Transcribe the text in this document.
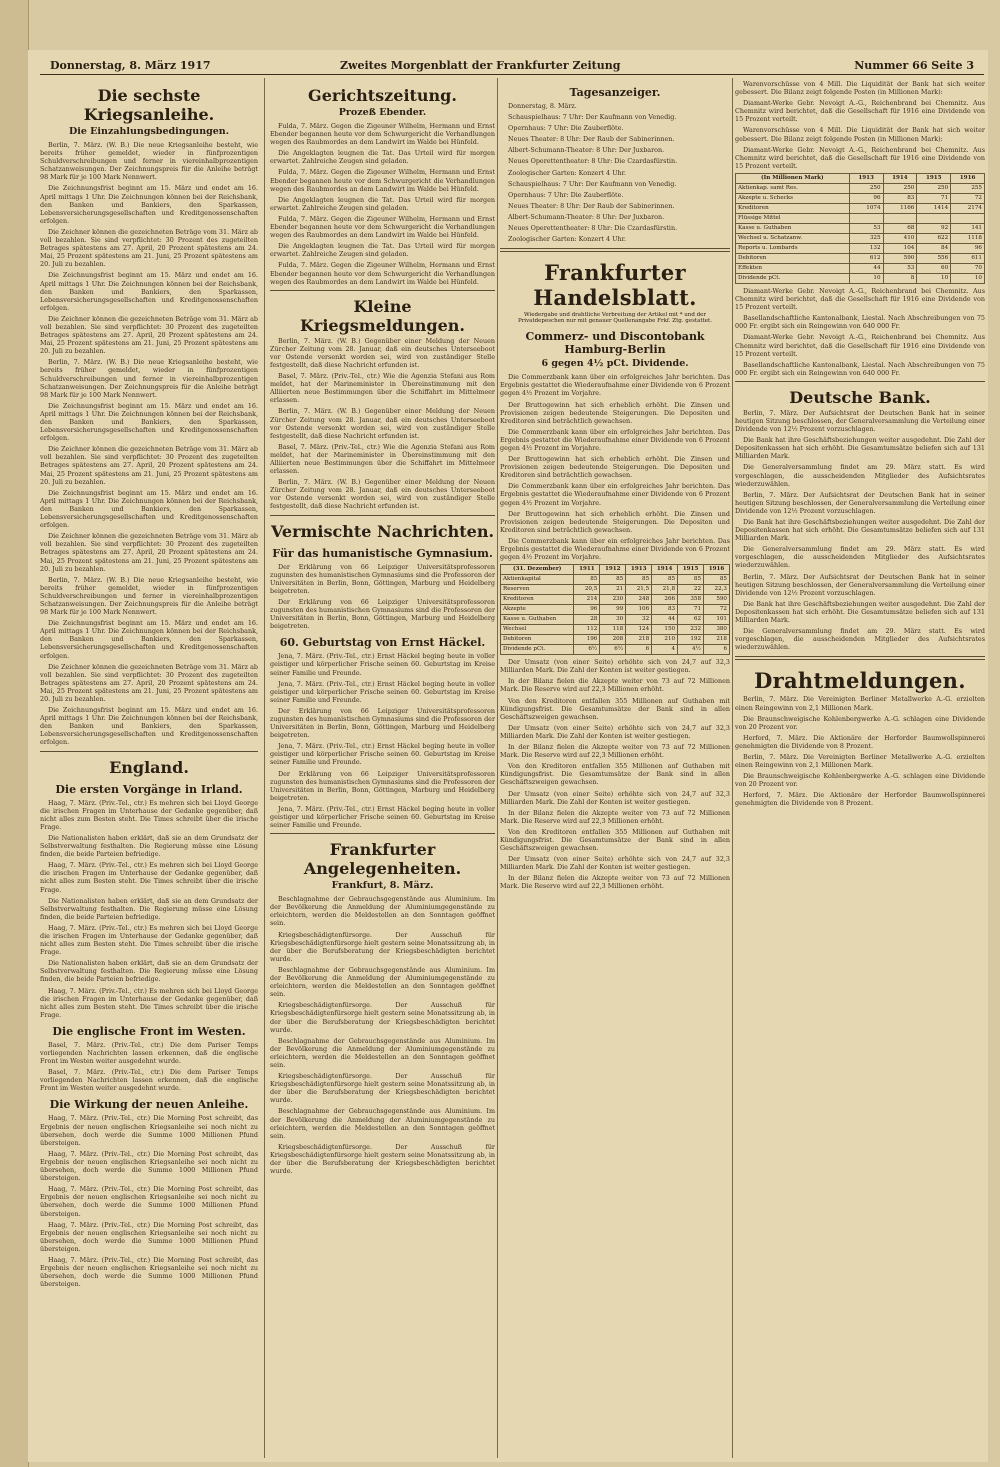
Donnerstag, 8. März 1917	Zweites Morgenblatt der Frankfurter Zeitung	Nummer 66 Seite 3
Die sechste Kriegsanleihe.
Die Einzahlungsbedingungen.

Berlin, 7. März. (W. B.) Die neue Kriegsanleihe besteht, wie bereits früher gemeldet, wieder in fünfprozentigen Schuldverschreibungen und ferner in viereinhalbprozentigen Schatzanweisungen. Der Zeichnungspreis für die Anleihe beträgt 98 Mark für je 100 Mark Nennwert.

Die Zeichnungsfrist beginnt am 15. März und endet am 16. April mittags 1 Uhr. Die Zeichnungen können bei der Reichsbank, den Banken und Bankiers, den Sparkassen, Lebensversicherungsgesellschaften und Kreditgenossenschaften erfolgen.

Die Zeichner können die gezeichneten Beträge vom 31. März ab voll bezahlen. Sie sind verpflichtet: 30 Prozent des zugeteilten Betrages spätestens am 27. April, 20 Prozent spätestens am 24. Mai, 25 Prozent spätestens am 21. Juni, 25 Prozent spätestens am 20. Juli zu bezahlen.

Die Zeichnungsfrist beginnt am 15. März und endet am 16. April mittags 1 Uhr. Die Zeichnungen können bei der Reichsbank, den Banken und Bankiers, den Sparkassen, Lebensversicherungsgesellschaften und Kreditgenossenschaften erfolgen.

Die Zeichner können die gezeichneten Beträge vom 31. März ab voll bezahlen. Sie sind verpflichtet: 30 Prozent des zugeteilten Betrages spätestens am 27. April, 20 Prozent spätestens am 24. Mai, 25 Prozent spätestens am 21. Juni, 25 Prozent spätestens am 20. Juli zu bezahlen.

Berlin, 7. März. (W. B.) Die neue Kriegsanleihe besteht, wie bereits früher gemeldet, wieder in fünfprozentigen Schuldverschreibungen und ferner in viereinhalbprozentigen Schatzanweisungen. Der Zeichnungspreis für die Anleihe beträgt 98 Mark für je 100 Mark Nennwert.

Die Zeichnungsfrist beginnt am 15. März und endet am 16. April mittags 1 Uhr. Die Zeichnungen können bei der Reichsbank, den Banken und Bankiers, den Sparkassen, Lebensversicherungsgesellschaften und Kreditgenossenschaften erfolgen.

Die Zeichner können die gezeichneten Beträge vom 31. März ab voll bezahlen. Sie sind verpflichtet: 30 Prozent des zugeteilten Betrages spätestens am 27. April, 20 Prozent spätestens am 24. Mai, 25 Prozent spätestens am 21. Juni, 25 Prozent spätestens am 20. Juli zu bezahlen.

Die Zeichnungsfrist beginnt am 15. März und endet am 16. April mittags 1 Uhr. Die Zeichnungen können bei der Reichsbank, den Banken und Bankiers, den Sparkassen, Lebensversicherungsgesellschaften und Kreditgenossenschaften erfolgen.

Die Zeichner können die gezeichneten Beträge vom 31. März ab voll bezahlen. Sie sind verpflichtet: 30 Prozent des zugeteilten Betrages spätestens am 27. April, 20 Prozent spätestens am 24. Mai, 25 Prozent spätestens am 21. Juni, 25 Prozent spätestens am 20. Juli zu bezahlen.

Berlin, 7. März. (W. B.) Die neue Kriegsanleihe besteht, wie bereits früher gemeldet, wieder in fünfprozentigen Schuldverschreibungen und ferner in viereinhalbprozentigen Schatzanweisungen. Der Zeichnungspreis für die Anleihe beträgt 98 Mark für je 100 Mark Nennwert.

Die Zeichnungsfrist beginnt am 15. März und endet am 16. April mittags 1 Uhr. Die Zeichnungen können bei der Reichsbank, den Banken und Bankiers, den Sparkassen, Lebensversicherungsgesellschaften und Kreditgenossenschaften erfolgen.

Die Zeichner können die gezeichneten Beträge vom 31. März ab voll bezahlen. Sie sind verpflichtet: 30 Prozent des zugeteilten Betrages spätestens am 27. April, 20 Prozent spätestens am 24. Mai, 25 Prozent spätestens am 21. Juni, 25 Prozent spätestens am 20. Juli zu bezahlen.

Die Zeichnungsfrist beginnt am 15. März und endet am 16. April mittags 1 Uhr. Die Zeichnungen können bei der Reichsbank, den Banken und Bankiers, den Sparkassen, Lebensversicherungsgesellschaften und Kreditgenossenschaften erfolgen.

England.
Die ersten Vorgänge in Irland.

Haag, 7. März. (Priv.-Tel., ctr.) Es mehren sich bei Lloyd George die irischen Fragen im Unterhause der Gedanke gegenüber, daß nicht alles zum Besten steht. Die Times schreibt über die irische Frage.

Die Nationalisten haben erklärt, daß sie an dem Grundsatz der Selbstverwaltung festhalten. Die Regierung müsse eine Lösung finden, die beide Parteien befriedige.

Haag, 7. März. (Priv.-Tel., ctr.) Es mehren sich bei Lloyd George die irischen Fragen im Unterhause der Gedanke gegenüber, daß nicht alles zum Besten steht. Die Times schreibt über die irische Frage.

Die Nationalisten haben erklärt, daß sie an dem Grundsatz der Selbstverwaltung festhalten. Die Regierung müsse eine Lösung finden, die beide Parteien befriedige.

Haag, 7. März. (Priv.-Tel., ctr.) Es mehren sich bei Lloyd George die irischen Fragen im Unterhause der Gedanke gegenüber, daß nicht alles zum Besten steht. Die Times schreibt über die irische Frage.

Die Nationalisten haben erklärt, daß sie an dem Grundsatz der Selbstverwaltung festhalten. Die Regierung müsse eine Lösung finden, die beide Parteien befriedige.

Haag, 7. März. (Priv.-Tel., ctr.) Es mehren sich bei Lloyd George die irischen Fragen im Unterhause der Gedanke gegenüber, daß nicht alles zum Besten steht. Die Times schreibt über die irische Frage.

Die englische Front im Westen.

Basel, 7. März. (Priv.-Tel., ctr.) Die dem Pariser Temps vorliegenden Nachrichten lassen erkennen, daß die englische Front im Westen weiter ausgedehnt wurde.

Basel, 7. März. (Priv.-Tel., ctr.) Die dem Pariser Temps vorliegenden Nachrichten lassen erkennen, daß die englische Front im Westen weiter ausgedehnt wurde.

Die Wirkung der neuen Anleihe.

Haag, 7. März. (Priv.-Tel., ctr.) Die Morning Post schreibt, das Ergebnis der neuen englischen Kriegsanleihe sei noch nicht zu übersehen, doch werde die Summe 1000 Millionen Pfund übersteigen.

Haag, 7. März. (Priv.-Tel., ctr.) Die Morning Post schreibt, das Ergebnis der neuen englischen Kriegsanleihe sei noch nicht zu übersehen, doch werde die Summe 1000 Millionen Pfund übersteigen.

Haag, 7. März. (Priv.-Tel., ctr.) Die Morning Post schreibt, das Ergebnis der neuen englischen Kriegsanleihe sei noch nicht zu übersehen, doch werde die Summe 1000 Millionen Pfund übersteigen.

Haag, 7. März. (Priv.-Tel., ctr.) Die Morning Post schreibt, das Ergebnis der neuen englischen Kriegsanleihe sei noch nicht zu übersehen, doch werde die Summe 1000 Millionen Pfund übersteigen.

Haag, 7. März. (Priv.-Tel., ctr.) Die Morning Post schreibt, das Ergebnis der neuen englischen Kriegsanleihe sei noch nicht zu übersehen, doch werde die Summe 1000 Millionen Pfund übersteigen.

Gerichtszeitung.
Prozeß Ebender.

Fulda, 7. März. Gegen die Zigeuner Wilhelm, Hermann und Ernst Ebender begannen heute vor dem Schwurgericht die Verhandlungen wegen des Raubmordes an dem Landwirt im Walde bei Hünfeld.

Die Angeklagten leugnen die Tat. Das Urteil wird für morgen erwartet. Zahlreiche Zeugen sind geladen.

Fulda, 7. März. Gegen die Zigeuner Wilhelm, Hermann und Ernst Ebender begannen heute vor dem Schwurgericht die Verhandlungen wegen des Raubmordes an dem Landwirt im Walde bei Hünfeld.

Die Angeklagten leugnen die Tat. Das Urteil wird für morgen erwartet. Zahlreiche Zeugen sind geladen.

Fulda, 7. März. Gegen die Zigeuner Wilhelm, Hermann und Ernst Ebender begannen heute vor dem Schwurgericht die Verhandlungen wegen des Raubmordes an dem Landwirt im Walde bei Hünfeld.

Die Angeklagten leugnen die Tat. Das Urteil wird für morgen erwartet. Zahlreiche Zeugen sind geladen.

Fulda, 7. März. Gegen die Zigeuner Wilhelm, Hermann und Ernst Ebender begannen heute vor dem Schwurgericht die Verhandlungen wegen des Raubmordes an dem Landwirt im Walde bei Hünfeld.

Kleine Kriegsmeldungen.

Berlin, 7. März. (W. B.) Gegenüber einer Meldung der Neuen Zürcher Zeitung vom 28. Januar, daß ein deutsches Unterseeboot vor Ostende versenkt worden sei, wird von zuständiger Stelle festgestellt, daß diese Nachricht erfunden ist.

Basel, 7. März. (Priv.-Tel., ctr.) Wie die Agenzia Stefani aus Rom meldet, hat der Marineminister in Übereinstimmung mit den Alliierten neue Bestimmungen über die Schiffahrt im Mittelmeer erlassen.

Berlin, 7. März. (W. B.) Gegenüber einer Meldung der Neuen Zürcher Zeitung vom 28. Januar, daß ein deutsches Unterseeboot vor Ostende versenkt worden sei, wird von zuständiger Stelle festgestellt, daß diese Nachricht erfunden ist.

Basel, 7. März. (Priv.-Tel., ctr.) Wie die Agenzia Stefani aus Rom meldet, hat der Marineminister in Übereinstimmung mit den Alliierten neue Bestimmungen über die Schiffahrt im Mittelmeer erlassen.

Berlin, 7. März. (W. B.) Gegenüber einer Meldung der Neuen Zürcher Zeitung vom 28. Januar, daß ein deutsches Unterseeboot vor Ostende versenkt worden sei, wird von zuständiger Stelle festgestellt, daß diese Nachricht erfunden ist.

Vermischte Nachrichten.
Für das humanistische Gymnasium.

Der Erklärung von 66 Leipziger Universitätsprofessoren zugunsten des humanistischen Gymnasiums sind die Professoren der Universitäten in Berlin, Bonn, Göttingen, Marburg und Heidelberg beigetreten.

Der Erklärung von 66 Leipziger Universitätsprofessoren zugunsten des humanistischen Gymnasiums sind die Professoren der Universitäten in Berlin, Bonn, Göttingen, Marburg und Heidelberg beigetreten.

60. Geburtstag von Ernst Häckel.

Jena, 7. März. (Priv.-Tel., ctr.) Ernst Häckel beging heute in voller geistiger und körperlicher Frische seinen 60. Geburtstag im Kreise seiner Familie und Freunde.

Jena, 7. März. (Priv.-Tel., ctr.) Ernst Häckel beging heute in voller geistiger und körperlicher Frische seinen 60. Geburtstag im Kreise seiner Familie und Freunde.

Der Erklärung von 66 Leipziger Universitätsprofessoren zugunsten des humanistischen Gymnasiums sind die Professoren der Universitäten in Berlin, Bonn, Göttingen, Marburg und Heidelberg beigetreten.

Jena, 7. März. (Priv.-Tel., ctr.) Ernst Häckel beging heute in voller geistiger und körperlicher Frische seinen 60. Geburtstag im Kreise seiner Familie und Freunde.

Der Erklärung von 66 Leipziger Universitätsprofessoren zugunsten des humanistischen Gymnasiums sind die Professoren der Universitäten in Berlin, Bonn, Göttingen, Marburg und Heidelberg beigetreten.

Jena, 7. März. (Priv.-Tel., ctr.) Ernst Häckel beging heute in voller geistiger und körperlicher Frische seinen 60. Geburtstag im Kreise seiner Familie und Freunde.

Frankfurter Angelegenheiten.
Frankfurt, 8. März.

Beschlagnahme der Gebrauchsgegenstände aus Aluminium. Im der Bevölkerung die Anmeldung der Aluminiumgegenstände zu erleichtern, werden die Meldestellen an den Sonntagen geöffnet sein.

Kriegsbeschädigtenfürsorge. Der Ausschuß für Kriegsbeschädigtenfürsorge hielt gestern seine Monatssitzung ab, in der über die Berufsberatung der Kriegsbeschädigten berichtet wurde.

Beschlagnahme der Gebrauchsgegenstände aus Aluminium. Im der Bevölkerung die Anmeldung der Aluminiumgegenstände zu erleichtern, werden die Meldestellen an den Sonntagen geöffnet sein.

Kriegsbeschädigtenfürsorge. Der Ausschuß für Kriegsbeschädigtenfürsorge hielt gestern seine Monatssitzung ab, in der über die Berufsberatung der Kriegsbeschädigten berichtet wurde.

Beschlagnahme der Gebrauchsgegenstände aus Aluminium. Im der Bevölkerung die Anmeldung der Aluminiumgegenstände zu erleichtern, werden die Meldestellen an den Sonntagen geöffnet sein.

Kriegsbeschädigtenfürsorge. Der Ausschuß für Kriegsbeschädigtenfürsorge hielt gestern seine Monatssitzung ab, in der über die Berufsberatung der Kriegsbeschädigten berichtet wurde.

Beschlagnahme der Gebrauchsgegenstände aus Aluminium. Im der Bevölkerung die Anmeldung der Aluminiumgegenstände zu erleichtern, werden die Meldestellen an den Sonntagen geöffnet sein.

Kriegsbeschädigtenfürsorge. Der Ausschuß für Kriegsbeschädigtenfürsorge hielt gestern seine Monatssitzung ab, in der über die Berufsberatung der Kriegsbeschädigten berichtet wurde.

Tagesanzeiger.

Donnerstag, 8. März.

Schauspielhaus: 7 Uhr: Der Kaufmann von Venedig.

Opernhaus: 7 Uhr: Die Zauberflöte.

Neues Theater: 8 Uhr: Der Raub der Sabinerinnen.

Albert-Schumann-Theater: 8 Uhr: Der Juxbaron.

Neues Operettentheater: 8 Uhr: Die Czardasfürstin.

Zoologischer Garten: Konzert 4 Uhr.

Schauspielhaus: 7 Uhr: Der Kaufmann von Venedig.

Opernhaus: 7 Uhr: Die Zauberflöte.

Neues Theater: 8 Uhr: Der Raub der Sabinerinnen.

Albert-Schumann-Theater: 8 Uhr: Der Juxbaron.

Neues Operettentheater: 8 Uhr: Die Czardasfürstin.

Zoologischer Garten: Konzert 4 Uhr.

Frankfurter Handelsblatt.
Wiedergabe und drahtliche Verbreitung der Artikel mit * und der Privatdepeschen nur mit genauer Quellenangabe Frkf. Ztg. gestattet.
Commerz- und Discontobank Hamburg-Berlin
6 gegen 4½ pCt. Dividende.

Die Commerzbank kann über ein erfolgreiches Jahr berichten. Das Ergebnis gestattet die Wiederaufnahme einer Dividende von 6 Prozent gegen 4½ Prozent im Vorjahre.

Der Bruttogewinn hat sich erheblich erhöht. Die Zinsen und Provisionen zeigen bedeutende Steigerungen. Die Depositen und Kreditoren sind beträchtlich gewachsen.

Die Commerzbank kann über ein erfolgreiches Jahr berichten. Das Ergebnis gestattet die Wiederaufnahme einer Dividende von 6 Prozent gegen 4½ Prozent im Vorjahre.

Der Bruttogewinn hat sich erheblich erhöht. Die Zinsen und Provisionen zeigen bedeutende Steigerungen. Die Depositen und Kreditoren sind beträchtlich gewachsen.

Die Commerzbank kann über ein erfolgreiches Jahr berichten. Das Ergebnis gestattet die Wiederaufnahme einer Dividende von 6 Prozent gegen 4½ Prozent im Vorjahre.

Der Bruttogewinn hat sich erheblich erhöht. Die Zinsen und Provisionen zeigen bedeutende Steigerungen. Die Depositen und Kreditoren sind beträchtlich gewachsen.

Die Commerzbank kann über ein erfolgreiches Jahr berichten. Das Ergebnis gestattet die Wiederaufnahme einer Dividende von 6 Prozent gegen 4½ Prozent im Vorjahre.

(31. Dezember)	1911	1912	1913	1914	1915	1916
Aktienkapital	85	85	85	85	85	85
Reserven	20,5	21	21,5	21,8	22	22,3
Kreditoren	214	230	248	266	358	590
Akzepte	96	99	106	83	71	72
Kasse u. Guthaben	28	30	32	44	62	101
Wechsel	112	118	124	150	232	380
Debitoren	196	208	218	210	192	218
Dividende pCt.	6½	6½	6	4	4½	6

Der Umsatz (von einer Seite) erhöhte sich von 24,7 auf 32,3 Milliarden Mark. Die Zahl der Konten ist weiter gestiegen.

In der Bilanz fielen die Akzepte weiter von 73 auf 72 Millionen Mark. Die Reserve wird auf 22,3 Millionen erhöht.

Von den Kreditoren entfallen 355 Millionen auf Guthaben mit Kündigungsfrist. Die Gesamtumsätze der Bank sind in allen Geschäftszweigen gewachsen.

Der Umsatz (von einer Seite) erhöhte sich von 24,7 auf 32,3 Milliarden Mark. Die Zahl der Konten ist weiter gestiegen.

In der Bilanz fielen die Akzepte weiter von 73 auf 72 Millionen Mark. Die Reserve wird auf 22,3 Millionen erhöht.

Von den Kreditoren entfallen 355 Millionen auf Guthaben mit Kündigungsfrist. Die Gesamtumsätze der Bank sind in allen Geschäftszweigen gewachsen.

Der Umsatz (von einer Seite) erhöhte sich von 24,7 auf 32,3 Milliarden Mark. Die Zahl der Konten ist weiter gestiegen.

In der Bilanz fielen die Akzepte weiter von 73 auf 72 Millionen Mark. Die Reserve wird auf 22,3 Millionen erhöht.

Von den Kreditoren entfallen 355 Millionen auf Guthaben mit Kündigungsfrist. Die Gesamtumsätze der Bank sind in allen Geschäftszweigen gewachsen.

Der Umsatz (von einer Seite) erhöhte sich von 24,7 auf 32,3 Milliarden Mark. Die Zahl der Konten ist weiter gestiegen.

In der Bilanz fielen die Akzepte weiter von 73 auf 72 Millionen Mark. Die Reserve wird auf 22,3 Millionen erhöht.

Warenvorschüsse von 4 Mill. Die Liquidität der Bank hat sich weiter gebessert. Die Bilanz zeigt folgende Posten (in Millionen Mark):

Diamant-Werke Gebr. Nevoigt A.-G., Reichenbrand bei Chemnitz. Aus Chemnitz wird berichtet, daß die Gesellschaft für 1916 eine Dividende von 15 Prozent verteilt.

Warenvorschüsse von 4 Mill. Die Liquidität der Bank hat sich weiter gebessert. Die Bilanz zeigt folgende Posten (in Millionen Mark):

Diamant-Werke Gebr. Nevoigt A.-G., Reichenbrand bei Chemnitz. Aus Chemnitz wird berichtet, daß die Gesellschaft für 1916 eine Dividende von 15 Prozent verteilt.

(In Millionen Mark)	1913	1914	1915	1916
Aktienkap. samt Res.	250	250	250	255
Akzepte u. Schecks	96	83	71	72
Kreditoren	1074	1166	1414	2174
Flüssige Mittel				
Kasse u. Guthaben	53	68	92	141
Wechsel u. Schatzanw.	325	410	622	1118
Reports u. Lombards	132	104	84	96
Debitoren	612	590	556	611
Effekten	44	53	60	70
Dividende pCt.	10	8	10	10

Diamant-Werke Gebr. Nevoigt A.-G., Reichenbrand bei Chemnitz. Aus Chemnitz wird berichtet, daß die Gesellschaft für 1916 eine Dividende von 15 Prozent verteilt.

Basellandschaftliche Kantonalbank, Liestal. Nach Abschreibungen von 75 000 Fr. ergibt sich ein Reingewinn von 640 000 Fr.

Diamant-Werke Gebr. Nevoigt A.-G., Reichenbrand bei Chemnitz. Aus Chemnitz wird berichtet, daß die Gesellschaft für 1916 eine Dividende von 15 Prozent verteilt.

Basellandschaftliche Kantonalbank, Liestal. Nach Abschreibungen von 75 000 Fr. ergibt sich ein Reingewinn von 640 000 Fr.

Deutsche Bank.

Berlin, 7. März. Der Aufsichtsrat der Deutschen Bank hat in seiner heutigen Sitzung beschlossen, der Generalversammlung die Verteilung einer Dividende von 12½ Prozent vorzuschlagen.

Die Bank hat ihre Geschäftsbeziehungen weiter ausgedehnt. Die Zahl der Depositenkassen hat sich erhöht. Die Gesamtumsätze beliefen sich auf 131 Milliarden Mark.

Die Generalversammlung findet am 29. März statt. Es wird vorgeschlagen, die ausscheidenden Mitglieder des Aufsichtsrates wiederzuwählen.

Berlin, 7. März. Der Aufsichtsrat der Deutschen Bank hat in seiner heutigen Sitzung beschlossen, der Generalversammlung die Verteilung einer Dividende von 12½ Prozent vorzuschlagen.

Die Bank hat ihre Geschäftsbeziehungen weiter ausgedehnt. Die Zahl der Depositenkassen hat sich erhöht. Die Gesamtumsätze beliefen sich auf 131 Milliarden Mark.

Die Generalversammlung findet am 29. März statt. Es wird vorgeschlagen, die ausscheidenden Mitglieder des Aufsichtsrates wiederzuwählen.

Berlin, 7. März. Der Aufsichtsrat der Deutschen Bank hat in seiner heutigen Sitzung beschlossen, der Generalversammlung die Verteilung einer Dividende von 12½ Prozent vorzuschlagen.

Die Bank hat ihre Geschäftsbeziehungen weiter ausgedehnt. Die Zahl der Depositenkassen hat sich erhöht. Die Gesamtumsätze beliefen sich auf 131 Milliarden Mark.

Die Generalversammlung findet am 29. März statt. Es wird vorgeschlagen, die ausscheidenden Mitglieder des Aufsichtsrates wiederzuwählen.

Drahtmeldungen.

Berlin, 7. März. Die Vereinigten Berliner Metallwerke A.-G. erzielten einen Reingewinn von 2,1 Millionen Mark.

Die Braunschweigische Kohlenbergwerke A.-G. schlagen eine Dividende von 20 Prozent vor.

Herford, 7. März. Die Aktionäre der Herforder Baumwollspinnerei genehmigten die Dividende von 8 Prozent.

Berlin, 7. März. Die Vereinigten Berliner Metallwerke A.-G. erzielten einen Reingewinn von 2,1 Millionen Mark.

Die Braunschweigische Kohlenbergwerke A.-G. schlagen eine Dividende von 20 Prozent vor.

Herford, 7. März. Die Aktionäre der Herforder Baumwollspinnerei genehmigten die Dividende von 8 Prozent.
